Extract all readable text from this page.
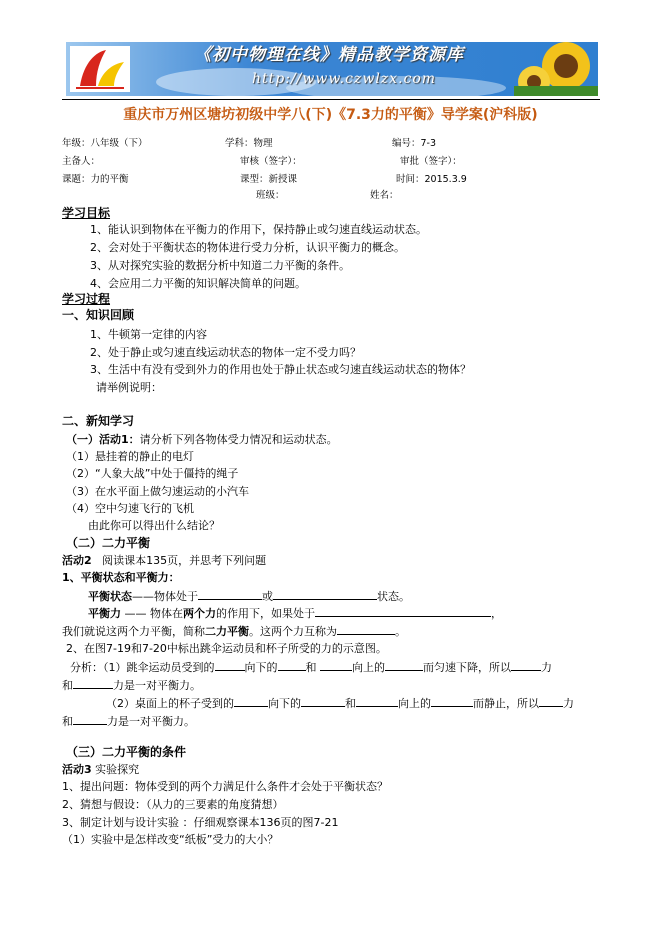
《初中物理在线》精品教学资源库
http://www.czwlzx.com
重庆市万州区塘坊初级中学八(下)《7.3力的平衡》导学案(沪科版)
年级：八年级（下）	学科：物理	编号：7-3
主备人：	审核（签字）：	审批（签字）：
课题：力的平衡	课型：新授课	时间：2015.3.9
班级：	姓名：
学习目标
1、能认识到物体在平衡力的作用下，保持静止或匀速直线运动状态。
2、会对处于平衡状态的物体进行受力分析，认识平衡力的概念。
3、从对探究实验的数据分析中知道二力平衡的条件。
4、会应用二力平衡的知识解决简单的问题。
学习过程
一、知识回顾
1、牛顿第一定律的内容
2、处于静止或匀速直线运动状态的物体一定不受力吗？
3、生活中有没有受到外力的作用也处于静止状态或匀速直线运动状态的物体？
请举例说明：
二、新知学习
（一）活动1：请分析下列各物体受力情况和运动状态。
（1）悬挂着的静止的电灯
（2）“人象大战”中处于僵持的绳子
（3）在水平面上做匀速运动的小汽车
（4）空中匀速飞行的飞机
由此你可以得出什么结论？
（二）二力平衡
活动2 阅读课本135页，并思考下列问题
1、平衡状态和平衡力：
平衡状态——物体处于	或	状态。
平衡力 —— 物体在两个力的作用下，如果处于	，
我们就说这两个力平衡，简称二力平衡。这两个力互称为	。
2、在图7-19和7-20中标出跳伞运动员和杯子所受的力的示意图。
分析：（1）跳伞运动员受到的	向下的	和	向上的	而匀速下降，所以	力
和	力是一对平衡力。
（2）桌面上的杯子受到的	向下的	和	向上的	而静止，所以 力
和	力是一对平衡力。
（三）二力平衡的条件
活动3 实验探究
1、提出问题：物体受到的两个力满足什么条件才会处于平衡状态？
2、猜想与假设：（从力的三要素的角度猜想）
3、制定计划与设计实验 ：仔细观察课本136页的图7-21
（1）实验中是怎样改变“纸板”受力的大小？
